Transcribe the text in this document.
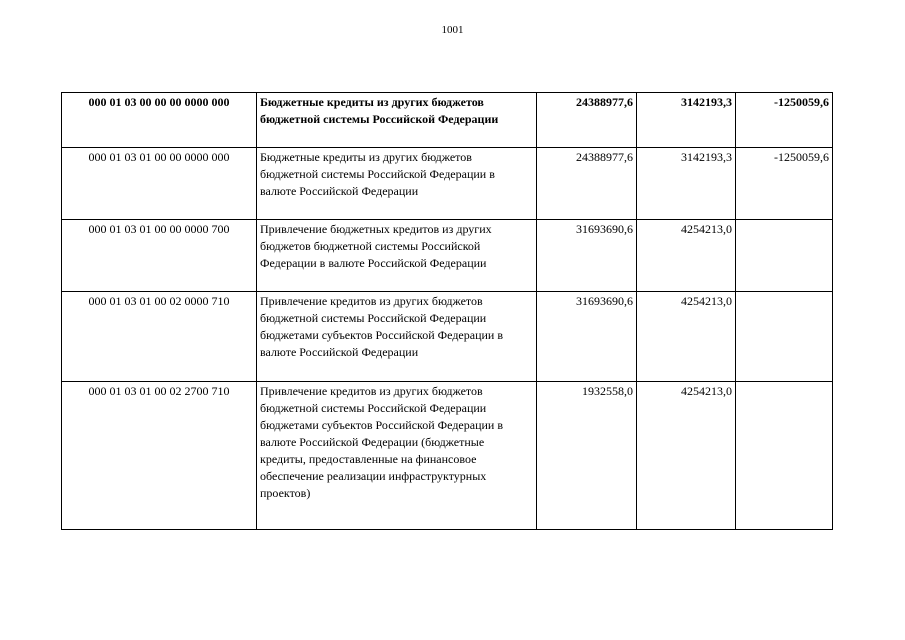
1001
000 01 03 00 00 00 0000 000	Бюджетные кредиты из других бюджетов бюджетной системы Российской Федерации	24388977,6	3142193,3	-1250059,6
000 01 03 01 00 00 0000 000	Бюджетные кредиты из других бюджетов бюджетной системы Российской Федерации в валюте Российской Федерации	24388977,6	3142193,3	-1250059,6
000 01 03 01 00 00 0000 700	Привлечение бюджетных кредитов из других бюджетов бюджетной системы Российской Федерации в валюте Российской Федерации	31693690,6	4254213,0	
000 01 03 01 00 02 0000 710	Привлечение кредитов из других бюджетов бюджетной системы Российской Федерации бюджетами субъектов Российской Федерации в валюте Российской Федерации	31693690,6	4254213,0	
000 01 03 01 00 02 2700 710	Привлечение кредитов из других бюджетов бюджетной системы Российской Федерации бюджетами субъектов Российской Федерации в валюте Российской Федерации (бюджетные кредиты, предоставленные на финансовое обеспечение реализации инфраструктурных проектов)	1932558,0	4254213,0	
